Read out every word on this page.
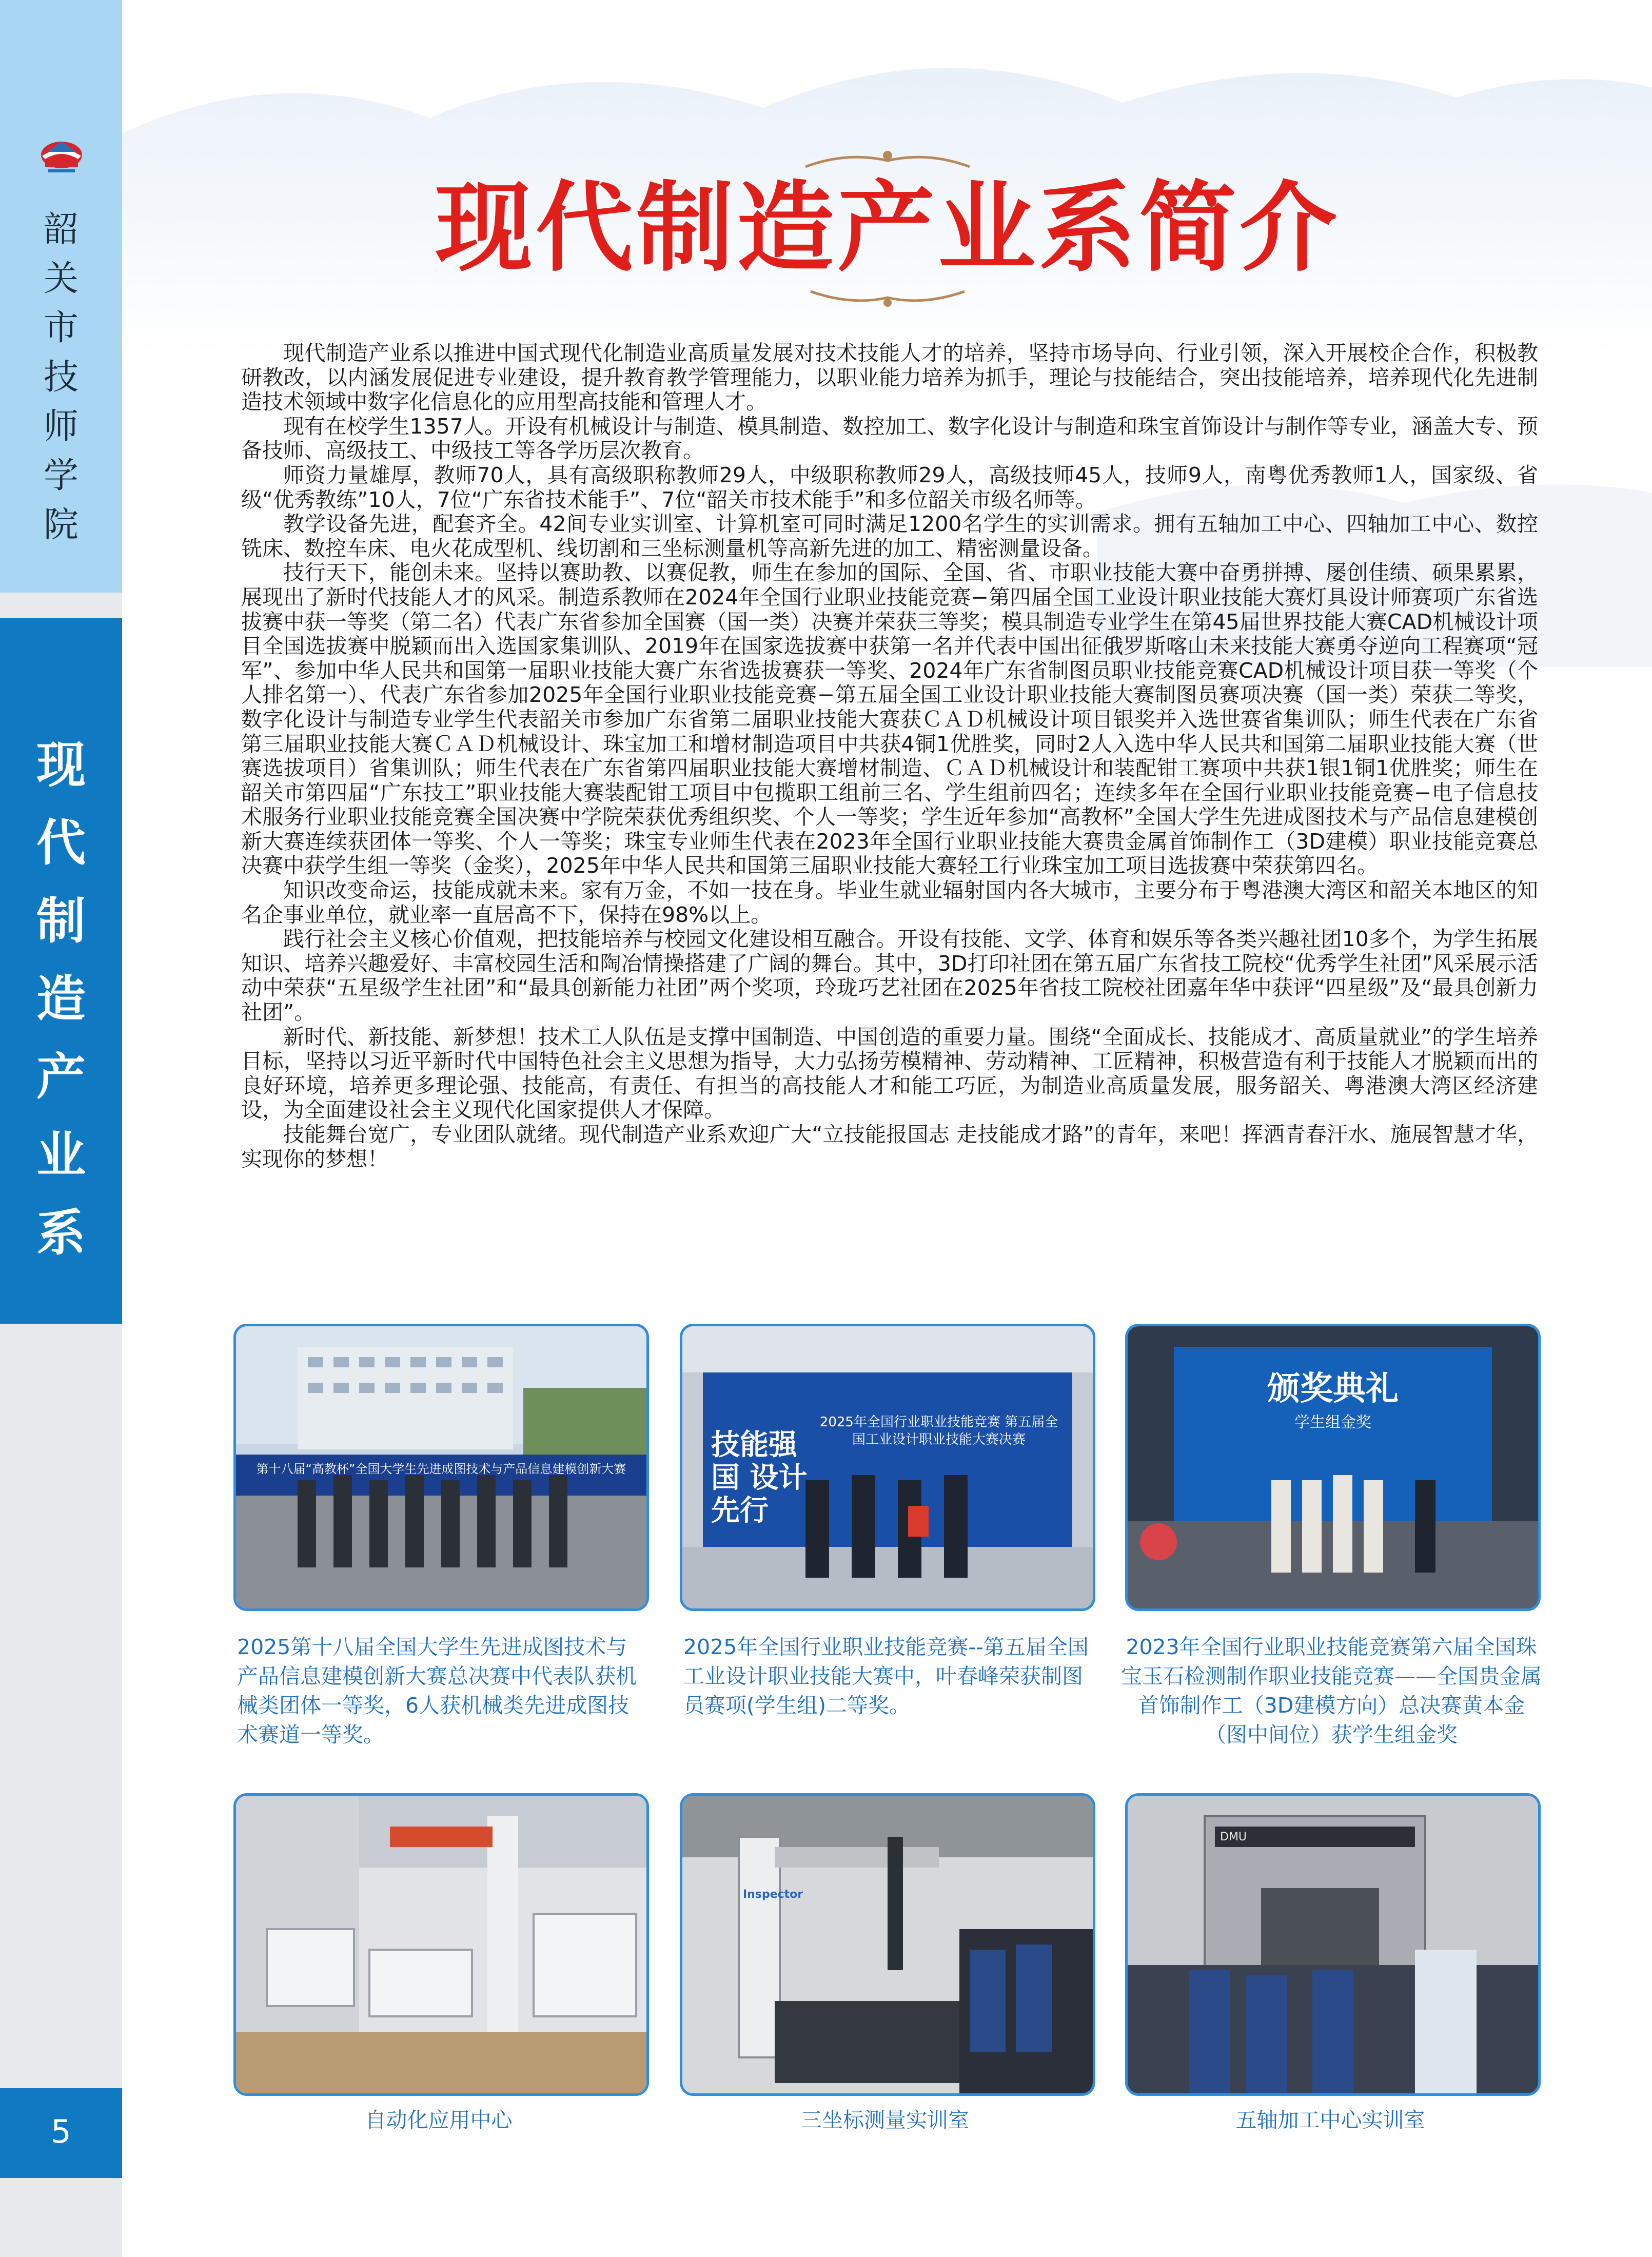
韶
关
市
技
师
学
院
现
代
制
造
产
业
系
5
现代制造产业系简介

现代制造产业系以推进中国式现代化制造业高质量发展对技术技能人才的培养，坚持市场导向、行业引领，深入开展校企合作，积极教研教改，以内涵发展促进专业建设，提升教育教学管理能力，以职业能力培养为抓手，理论与技能结合，突出技能培养，培养现代化先进制造技术领域中数字化信息化的应用型高技能和管理人才。

现有在校学生1357人。开设有机械设计与制造、模具制造、数控加工、数字化设计与制造和珠宝首饰设计与制作等专业，涵盖大专、预备技师、高级技工、中级技工等各学历层次教育。

师资力量雄厚，教师70人，具有高级职称教师29人，中级职称教师29人，高级技师45人，技师9人，南粤优秀教师1人，国家级、省级“优秀教练”10人，7位“广东省技术能手”、7位“韶关市技术能手”和多位韶关市级名师等。

教学设备先进，配套齐全。42间专业实训室、计算机室可同时满足1200名学生的实训需求。拥有五轴加工中心、四轴加工中心、数控铣床、数控车床、电火花成型机、线切割和三坐标测量机等高新先进的加工、精密测量设备。

技行天下，能创未来。坚持以赛助教、以赛促教，师生在参加的国际、全国、省、市职业技能大赛中奋勇拼搏、屡创佳绩、硕果累累，展现出了新时代技能人才的风采。制造系教师在2024年全国行业职业技能竞赛−第四届全国工业设计职业技能大赛灯具设计师赛项广东省选拔赛中获一等奖（第二名）代表广东省参加全国赛（国一类）决赛并荣获三等奖；模具制造专业学生在第45届世界技能大赛CAD机械设计项目全国选拔赛中脱颖而出入选国家集训队、2019年在国家选拔赛中获第一名并代表中国出征俄罗斯喀山未来技能大赛勇夺逆向工程赛项“冠军”、参加中华人民共和国第一届职业技能大赛广东省选拔赛获一等奖、2024年广东省制图员职业技能竞赛CAD机械设计项目获一等奖（个人排名第一）、代表广东省参加2025年全国行业职业技能竞赛−第五届全国工业设计职业技能大赛制图员赛项决赛（国一类）荣获二等奖，数字化设计与制造专业学生代表韶关市参加广东省第二届职业技能大赛获ＣＡＤ机械设计项目银奖并入选世赛省集训队；师生代表在广东省第三届职业技能大赛ＣＡＤ机械设计、珠宝加工和增材制造项目中共获4铜1优胜奖，同时2人入选中华人民共和国第二届职业技能大赛（世赛选拔项目）省集训队；师生代表在广东省第四届职业技能大赛增材制造、ＣＡＤ机械设计和装配钳工赛项中共获1银1铜1优胜奖；师生在韶关市第四届“广东技工”职业技能大赛装配钳工项目中包揽职工组前三名、学生组前四名；连续多年在全国行业职业技能竞赛−电子信息技术服务行业职业技能竞赛全国决赛中学院荣获优秀组织奖、个人一等奖；学生近年参加“高教杯”全国大学生先进成图技术与产品信息建模创新大赛连续获团体一等奖、个人一等奖；珠宝专业师生代表在2023年全国行业职业技能大赛贵金属首饰制作工（3D建模）职业技能竞赛总决赛中获学生组一等奖（金奖），2025年中华人民共和国第三届职业技能大赛轻工行业珠宝加工项目选拔赛中荣获第四名。

知识改变命运，技能成就未来。家有万金，不如一技在身。毕业生就业辐射国内各大城市，主要分布于粤港澳大湾区和韶关本地区的知名企事业单位，就业率一直居高不下，保持在98%以上。

践行社会主义核心价值观，把技能培养与校园文化建设相互融合。开设有技能、文学、体育和娱乐等各类兴趣社团10多个，为学生拓展知识、培养兴趣爱好、丰富校园生活和陶冶情操搭建了广阔的舞台。其中，3D打印社团在第五届广东省技工院校“优秀学生社团”风采展示活动中荣获“五星级学生社团”和“最具创新能力社团”两个奖项，玲珑巧艺社团在2025年省技工院校社团嘉年华中获评“四星级”及“最具创新力社团”。

新时代、新技能、新梦想！技术工人队伍是支撑中国制造、中国创造的重要力量。围绕“全面成长、技能成才、高质量就业”的学生培养目标，坚持以习近平新时代中国特色社会主义思想为指导，大力弘扬劳模精神、劳动精神、工匠精神，积极营造有利于技能人才脱颖而出的良好环境，培养更多理论强、技能高，有责任、有担当的高技能人才和能工巧匠，为制造业高质量发展，服务韶关、粤港澳大湾区经济建设，为全面建设社会主义现代化国家提供人才保障。

技能舞台宽广，专业团队就绪。现代制造产业系欢迎广大“立技能报国志 走技能成才路”的青年，来吧！挥洒青春汗水、施展智慧才华，实现你的梦想！

第十八届“高教杯”全国大学生先进成图技术与产品信息建模创新大赛
2025第十八届全国大学生先进成图技术与产品信息建模创新大赛总决赛中代表队获机械类团体一等奖，6人获机械类先进成图技术赛道一等奖。
技能强国 设计先行
2025年全国行业职业技能竞赛 第五届全国工业设计职业技能大赛决赛
2025年全国行业职业技能竞赛--第五届全国工业设计职业技能大赛中，叶春峰荣获制图员赛项(学生组)二等奖。
颁奖典礼
学生组金奖
2023年全国行业职业技能竞赛第六届全国珠宝玉石检测制作职业技能竞赛——全国贵金属首饰制作工（3D建模方向）总决赛黄本金（图中间位）获学生组金奖
自动化应用中心
Inspector
三坐标测量实训室
DMU
五轴加工中心实训室
